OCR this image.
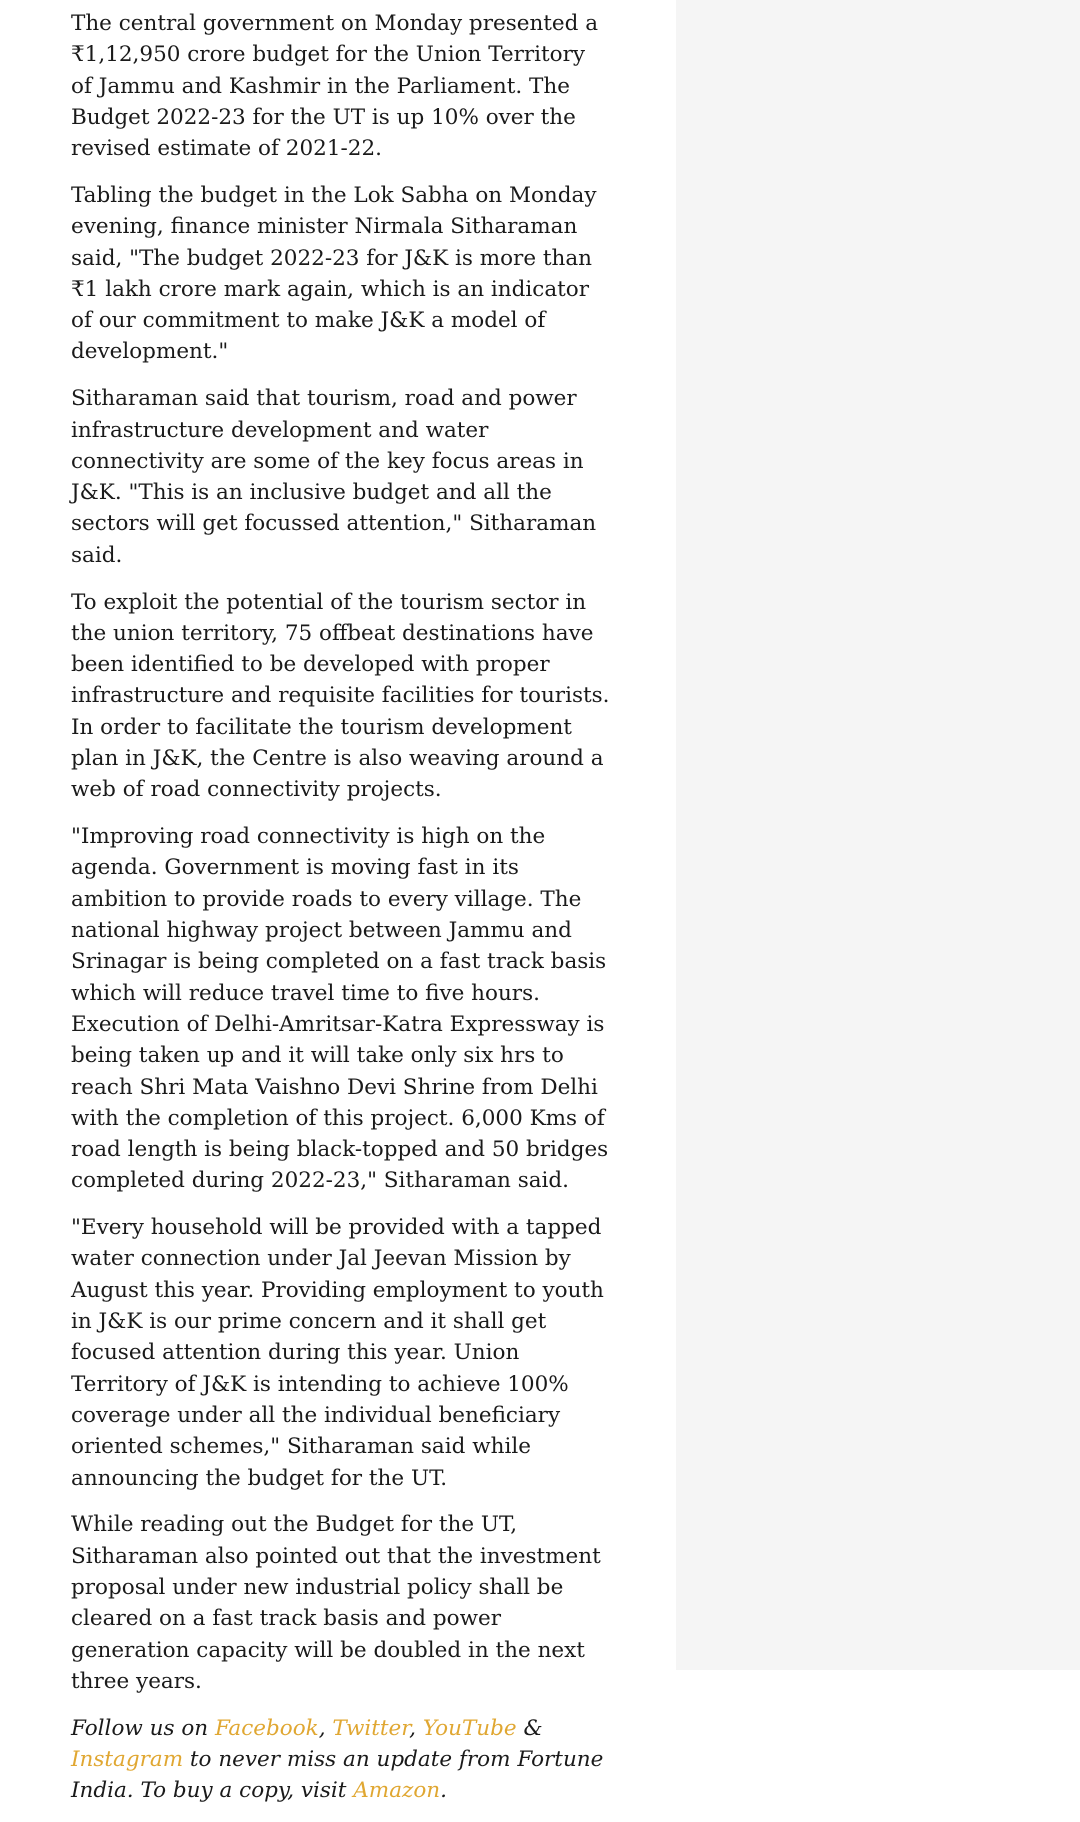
The central government on Monday presented a ₹1,12,950 crore budget for the Union Territory of Jammu and Kashmir in the Parliament. The Budget 2022-23 for the UT is up 10% over the revised estimate of 2021-22.

Tabling the budget in the Lok Sabha on Monday evening, finance minister Nirmala Sitharaman said, "The budget 2022-23 for J&K is more than ₹1 lakh crore mark again, which is an indicator of our commitment to make J&K a model of development."

Sitharaman said that tourism, road and power infrastructure development and water connectivity are some of the key focus areas in J&K. "This is an inclusive budget and all the sectors will get focussed attention," Sitharaman said.

To exploit the potential of the tourism sector in the union territory, 75 offbeat destinations have been identified to be developed with proper infrastructure and requisite facilities for tourists. In order to facilitate the tourism development plan in J&K, the Centre is also weaving around a web of road connectivity projects.

"Improving road connectivity is high on the agenda. Government is moving fast in its ambition to provide roads to every village. The national highway project between Jammu and Srinagar is being completed on a fast track basis which will reduce travel time to five hours. Execution of Delhi-Amritsar-Katra Expressway is being taken up and it will take only six hrs to reach Shri Mata Vaishno Devi Shrine from Delhi with the completion of this project. 6,000 Kms of road length is being black-topped and 50 bridges completed during 2022-23," Sitharaman said.

"Every household will be provided with a tapped water connection under Jal Jeevan Mission by August this year. Providing employment to youth in J&K is our prime concern and it shall get focused attention during this year. Union Territory of J&K is intending to achieve 100% coverage under all the individual beneficiary oriented schemes," Sitharaman said while announcing the budget for the UT.

While reading out the Budget for the UT, Sitharaman also pointed out that the investment proposal under new industrial policy shall be cleared on a fast track basis and power generation capacity will be doubled in the next three years.

Follow us on Facebook, Twitter, YouTube & Instagram to never miss an update from Fortune India. To buy a copy, visit Amazon.
